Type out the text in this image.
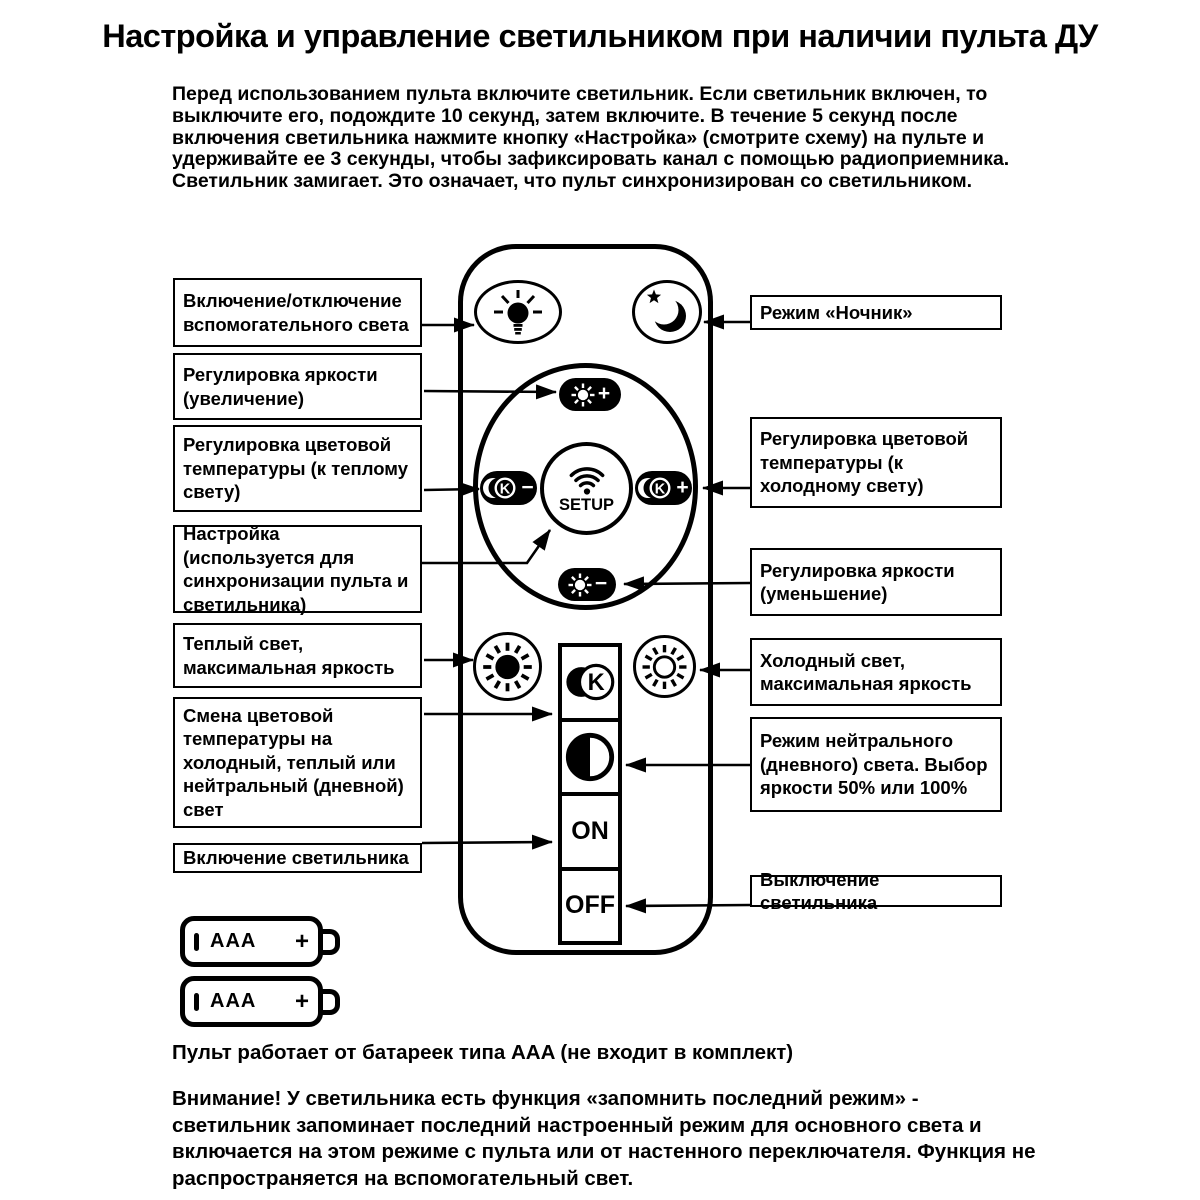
Настройка и управление светильником при наличии пульта ДУ
Перед использованием пульта включите светильник. Если светильник включен, то выключите его, подождите 10 секунд, затем включите. В течение 5 секунд после включения светильника нажмите кнопку «Настройка» (смотрите схему) на пульте и удерживайте ее 3 секунды, чтобы зафиксировать канал с помощью радиоприемника. Светильник замигает. Это означает, что пульт синхронизирован со светильником.
Включение/отключение вспомогательного света
Регулировка яркости (увеличение)
Регулировка цветовой температуры (к теплому свету)
Настройка (используется для синхронизации пульта и светильника)
Теплый свет, максимальная яркость
Смена цветовой температуры на холодный, теплый или нейтральный (дневной) свет
Включение светильника
Режим «Ночник»
Регулировка цветовой температуры (к холодному свету)
Регулировка яркости (уменьшение)
Холодный свет, максимальная яркость
Режим нейтрального (дневного) света. Выбор яркости 50% или 100%
Выключение светильника
+
K −	K +
SETUP
−
K
ON
OFF
AAA +
AAA +
Пульт работает от батареек типа AAA (не входит в комплект)
Внимание! У светильника есть функция «запомнить последний режим» - светильник запоминает последний настроенный режим для основного света и включается на этом режиме с пульта или от настенного переключателя. Функция не распространяется на вспомогательный свет.
